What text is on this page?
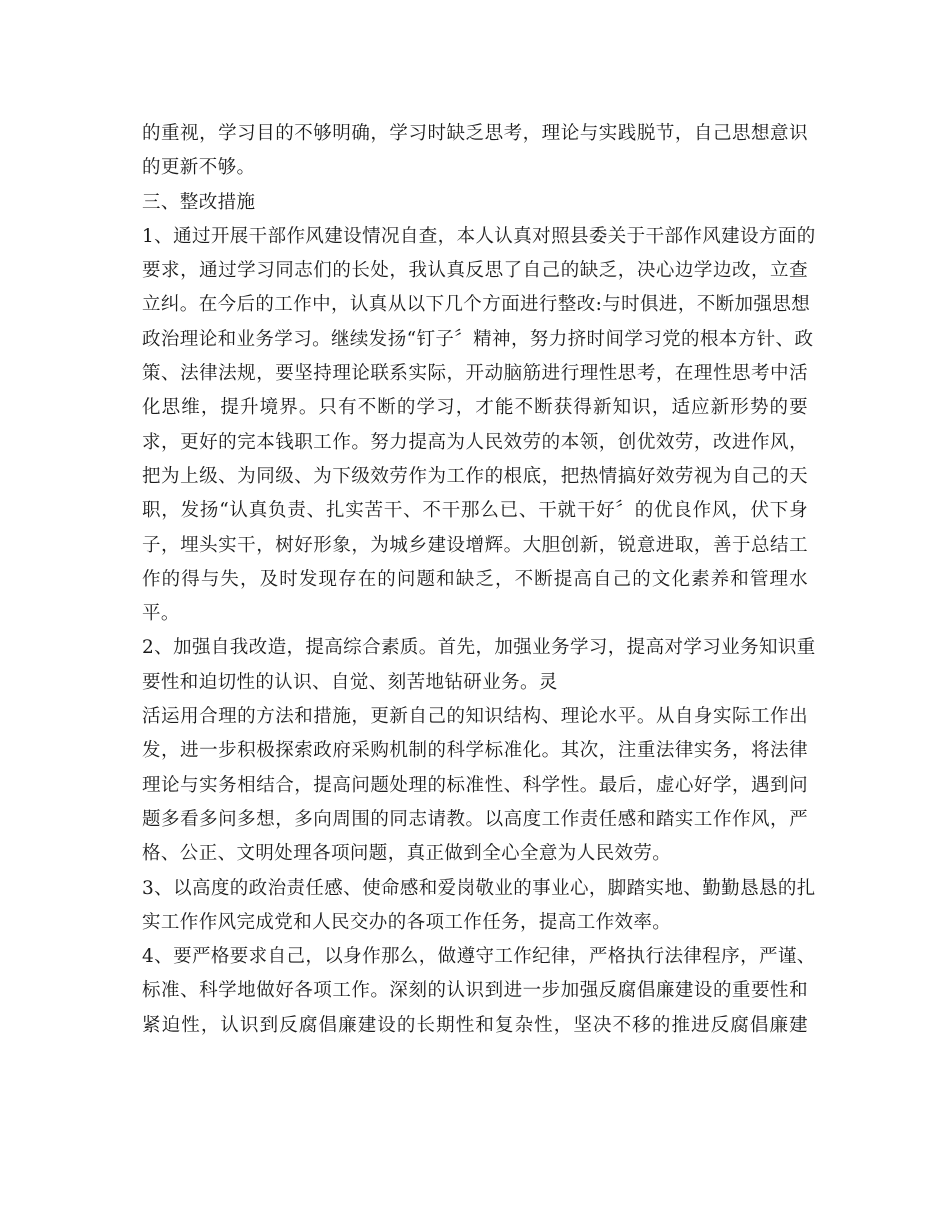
的重视，学习目的不够明确，学习时缺乏思考，理论与实践脱节，自己思想意识
的更新不够。
三、整改措施
1、通过开展干部作风建设情况自查，本人认真对照县委关于干部作风建设方面的
要求，通过学习同志们的长处，我认真反思了自己的缺乏，决心边学边改，立查
立纠。在今后的工作中，认真从以下几个方面进行整改:与时俱进，不断加强思想
政治理论和业务学习。继续发扬“钉子〞精神，努力挤时间学习党的根本方针、政
策、法律法规，要坚持理论联系实际，开动脑筋进行理性思考，在理性思考中活
化思维，提升境界。只有不断的学习，才能不断获得新知识，适应新形势的要
求，更好的完本钱职工作。努力提高为人民效劳的本领，创优效劳，改进作风，
把为上级、为同级、为下级效劳作为工作的根底，把热情搞好效劳视为自己的天
职，发扬“认真负责、扎实苦干、不干那么已、干就干好〞的优良作风，伏下身
子，埋头实干，树好形象，为城乡建设增辉。大胆创新，锐意进取，善于总结工
作的得与失，及时发现存在的问题和缺乏，不断提高自己的文化素养和管理水
平。
2、加强自我改造，提高综合素质。首先，加强业务学习，提高对学习业务知识重
要性和迫切性的认识、自觉、刻苦地钻研业务。灵
活运用合理的方法和措施，更新自己的知识结构、理论水平。从自身实际工作出
发，进一步积极探索政府采购机制的科学标准化。其次，注重法律实务，将法律
理论与实务相结合，提高问题处理的标准性、科学性。最后，虚心好学，遇到问
题多看多问多想，多向周围的同志请教。以高度工作责任感和踏实工作作风，严
格、公正、文明处理各项问题，真正做到全心全意为人民效劳。
3、以高度的政治责任感、使命感和爱岗敬业的事业心，脚踏实地、勤勤恳恳的扎
实工作作风完成党和人民交办的各项工作任务，提高工作效率。
4、要严格要求自己，以身作那么，做遵守工作纪律，严格执行法律程序，严谨、
标准、科学地做好各项工作。深刻的认识到进一步加强反腐倡廉建设的重要性和
紧迫性，认识到反腐倡廉建设的长期性和复杂性，坚决不移的推进反腐倡廉建
